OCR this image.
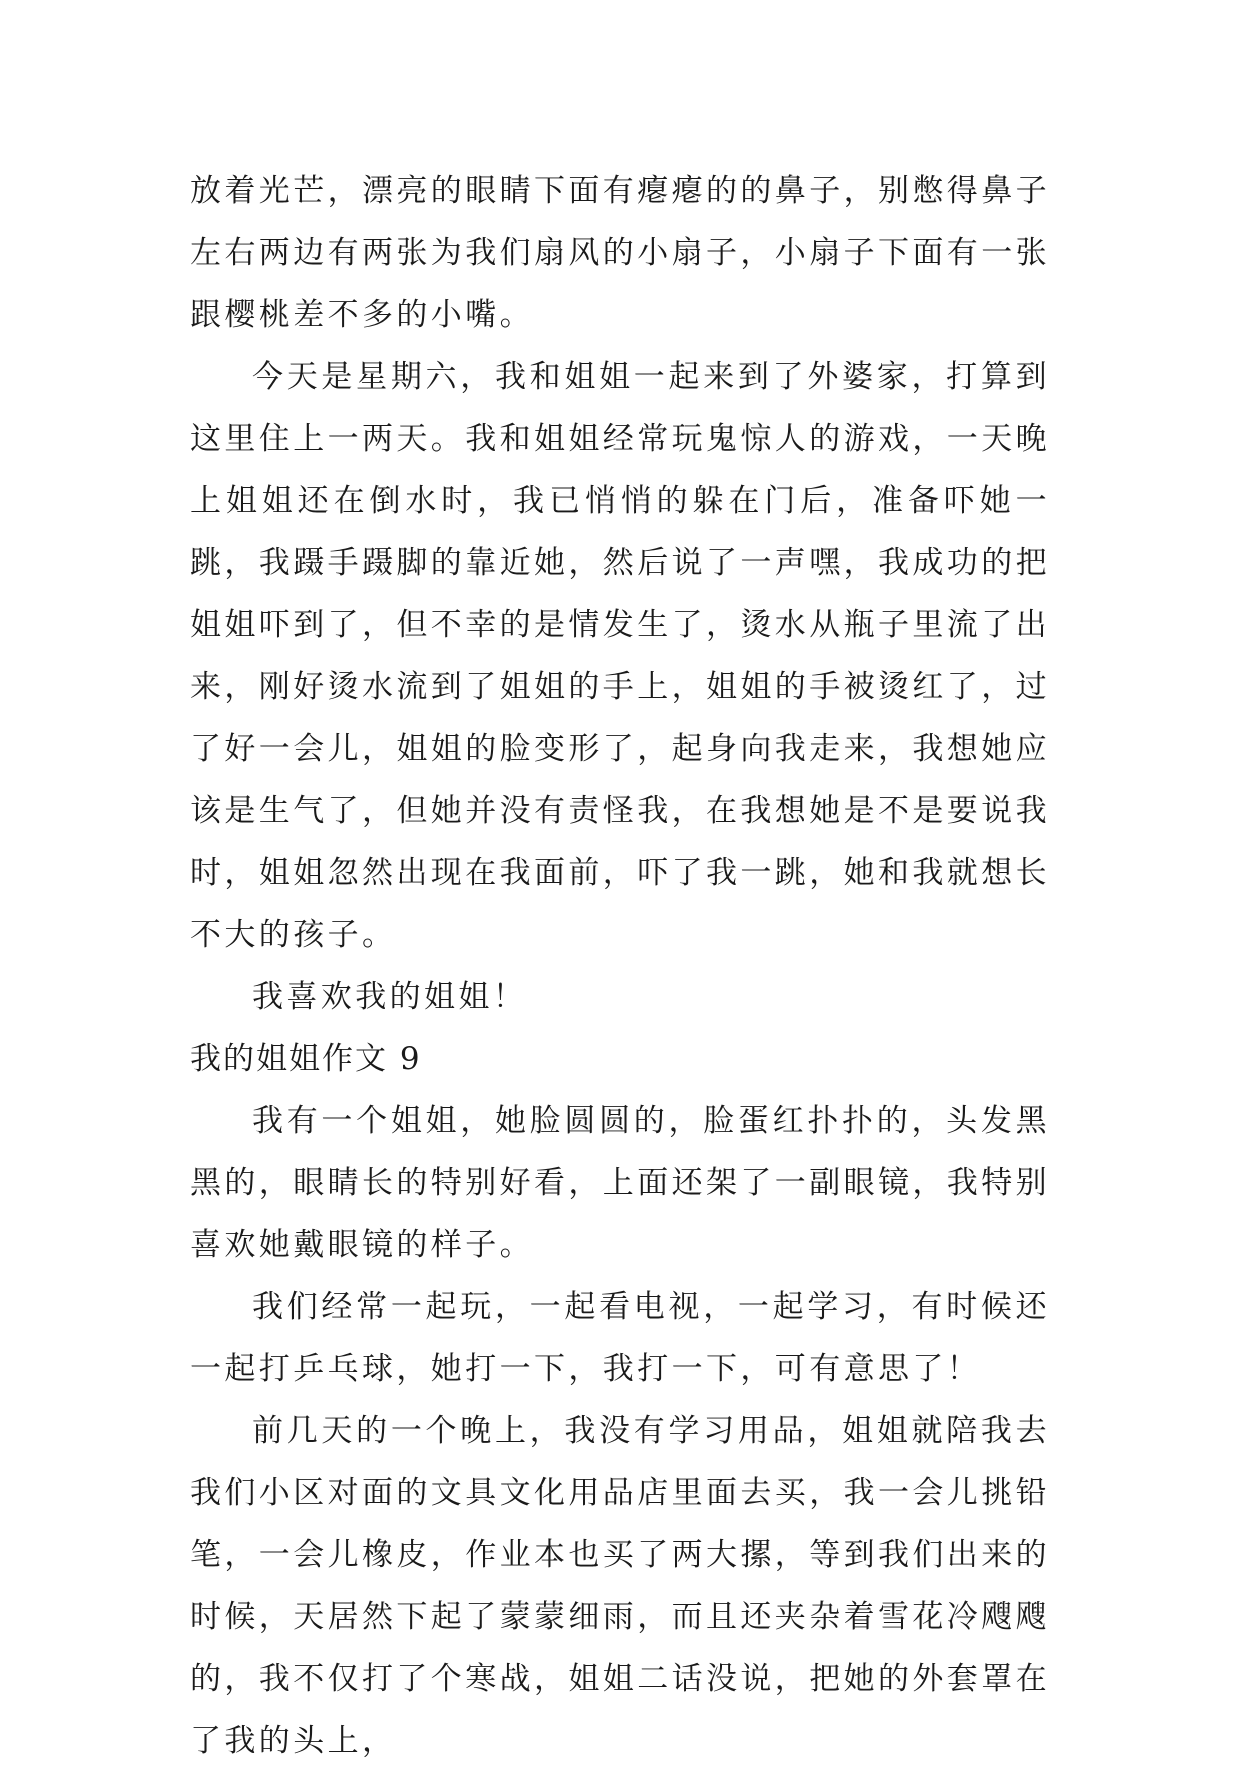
放着光芒，漂亮的眼睛下面有瘪瘪的的鼻子，别憋得鼻子左右两边有两张为我们扇风的小扇子，小扇子下面有一张跟樱桃差不多的小嘴。

今天是星期六，我和姐姐一起来到了外婆家，打算到这里住上一两天。我和姐姐经常玩鬼惊人的游戏，一天晚上姐姐还在倒水时，我已悄悄的躲在门后，准备吓她一跳，我蹑手蹑脚的靠近她，然后说了一声嘿，我成功的把姐姐吓到了，但不幸的是情发生了，烫水从瓶子里流了出来，刚好烫水流到了姐姐的手上，姐姐的手被烫红了，过了好一会儿，姐姐的脸变形了，起身向我走来，我想她应该是生气了，但她并没有责怪我，在我想她是不是要说我时，姐姐忽然出现在我面前，吓了我一跳，她和我就想长不大的孩子。

我喜欢我的姐姐！

我的姐姐作文 9

我有一个姐姐，她脸圆圆的，脸蛋红扑扑的，头发黑黑的，眼睛长的特别好看，上面还架了一副眼镜，我特别喜欢她戴眼镜的样子。

我们经常一起玩，一起看电视，一起学习，有时候还一起打乒乓球，她打一下，我打一下，可有意思了！

前几天的一个晚上，我没有学习用品，姐姐就陪我去我们小区对面的文具文化用品店里面去买，我一会儿挑铅笔，一会儿橡皮，作业本也买了两大摞，等到我们出来的时候，天居然下起了蒙蒙细雨，而且还夹杂着雪花冷飕飕的，我不仅打了个寒战，姐姐二话没说，把她的外套罩在了我的头上，
